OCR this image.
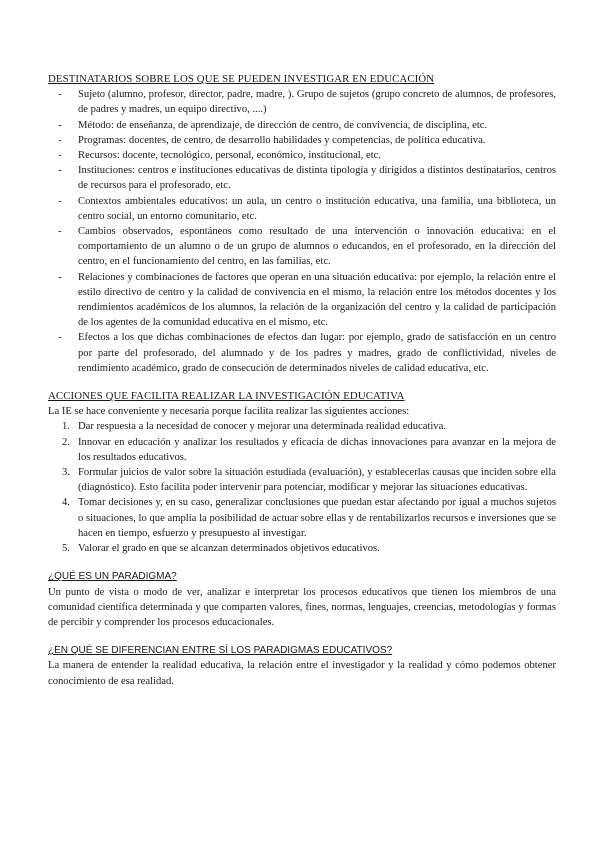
DESTINATARIOS SOBRE LOS QUE SE PUEDEN INVESTIGAR EN EDUCACIÓN

- Sujeto (alumno, profesor, director, padre, madre, ). Grupo de sujetos (grupo concreto de alumnos, de profesores, de padres y madres, un equipo directivo, ....)
- Método: de enseñanza, de aprendizaje, de dirección de centro, de convivencia, de disciplina, etc.
- Programas: docentes, de centro, de desarrollo habilidades y competencias, de política educativa.
- Recursos: docente, tecnológico, personal, económico, institucional, etc.
- Instituciones: centros e instituciones educativas de distinta tipología y dirigidos a distintos destinatarios, centros de recursos para el profesorado, etc.
- Contextos ambientales educativos: un aula, un centro o institución educativa, una familia, una biblioteca, un centro social, un entorno comunitario, etc.
- Cambios observados, espontáneos como resultado de una intervención o innovación educativa: en el comportamiento de un alumno o de un grupo de alumnos o educandos, en el profesorado, en la dirección del centro, en el funcionamiento del centro, en las familias, etc.
- Relaciones y combinaciones de factores que operan en una situación educativa: por ejemplo, la relación entre el estilo directivo de centro y la calidad de convivencia en el mismo, la relación entre los métodos docentes y los rendimientos académicos de los alumnos, la relación de la organización del centro y la calidad de participación de los agentes de la comunidad educativa en el mismo, etc.
- Efectos a los que dichas combinaciones de efectos dan lugar: por ejemplo, grado de satisfacción en un centro por parte del profesorado, del alumnado y de los padres y madres, grado de conflictividad, niveles de rendimiento académico, grado de consecución de determinados niveles de calidad educativa, etc.

ACCIONES QUE FACILITA REALIZAR LA INVESTIGACIÓN EDUCATIVA

La IE se hace conveniente y necesaria porque facilita realizar las siguientes acciones:

1. Dar respuesta a la necesidad de conocer y mejorar una determinada realidad educativa.
2. Innovar en educación y analizar los resultados y eficacia de dichas innovaciones para avanzar en la mejora de los resultados educativos.
3. Formular juicios de valor sobre la situación estudiada (evaluación), y establecerlas causas que inciden sobre ella (diagnóstico). Esto facilita poder intervenir para potenciar, modificar y mejorar las situaciones educativas.
4. Tomar decisiones y, en su caso, generalizar conclusiones que puedan estar afectando por igual a muchos sujetos o situaciones, lo que amplía la posibilidad de actuar sobre ellas y de rentabilizarlos recursos e inversiones que se hacen en tiempo, esfuerzo y presupuesto al investigar.
5. Valorar el grado en que se alcanzan determinados objetivos educativos.

¿QUÉ ES UN PARADIGMA?

Un punto de vista o modo de ver, analizar e interpretar los procesos educativos que tienen los miembros de una comunidad científica determinada y que comparten valores, fines, normas, lenguajes, creencias, metodologías y formas de percibir y comprender los procesos educacionales.

¿EN QUÉ SE DIFERENCIAN ENTRE SÍ LOS PARADIGMAS EDUCATIVOS?

La manera de entender la realidad educativa, la relación entre el investigador y la realidad y cómo podemos obtener conocimiento de esa realidad.
